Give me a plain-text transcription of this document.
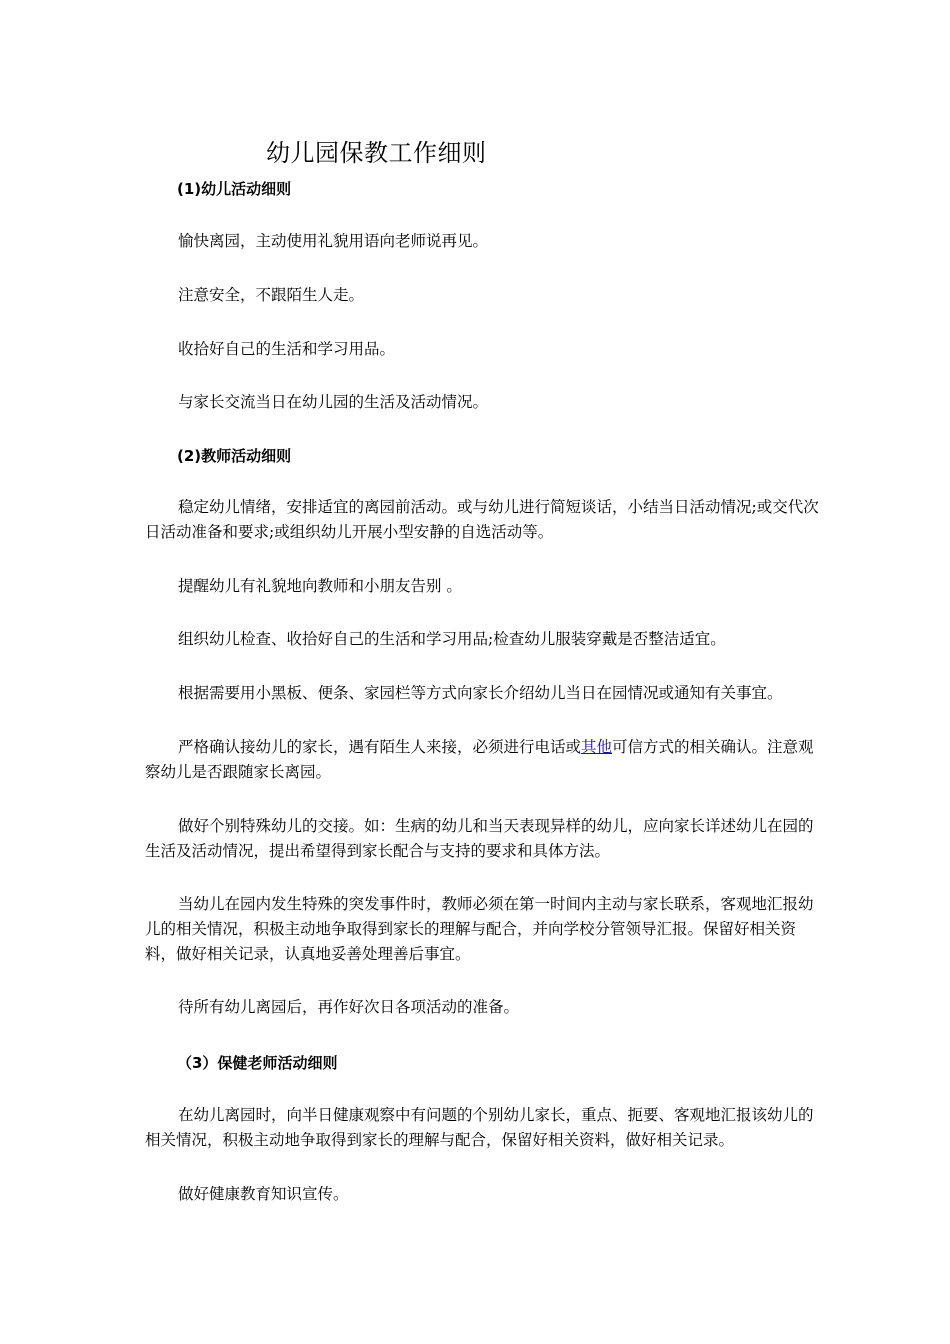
幼儿园保教工作细则
(1)幼儿活动细则

愉快离园，主动使用礼貌用语向老师说再见。

注意安全，不跟陌生人走。

收拾好自己的生活和学习用品。

与家长交流当日在幼儿园的生活及活动情况。

(2)教师活动细则

稳定幼儿情绪，安排适宜的离园前活动。或与幼儿进行简短谈话，小结当日活动情况;或交代次日活动准备和要求;或组织幼儿开展小型安静的自选活动等。

提醒幼儿有礼貌地向教师和小朋友告别 。

组织幼儿检查、收拾好自己的生活和学习用品;检查幼儿服装穿戴是否整洁适宜。

根据需要用小黑板、便条、家园栏等方式向家长介绍幼儿当日在园情况或通知有关事宜。

严格确认接幼儿的家长，遇有陌生人来接，必须进行电话或其他可信方式的相关确认。注意观察幼儿是否跟随家长离园。

做好个别特殊幼儿的交接。如：生病的幼儿和当天表现异样的幼儿，应向家长详述幼儿在园的生活及活动情况，提出希望得到家长配合与支持的要求和具体方法。

当幼儿在园内发生特殊的突发事件时，教师必须在第一时间内主动与家长联系，客观地汇报幼儿的相关情况，积极主动地争取得到家长的理解与配合，并向学校分管领导汇报。保留好相关资料，做好相关记录，认真地妥善处理善后事宜。

待所有幼儿离园后，再作好次日各项活动的准备。

（3）保健老师活动细则

在幼儿离园时，向半日健康观察中有问题的个别幼儿家长，重点、扼要、客观地汇报该幼儿的相关情况，积极主动地争取得到家长的理解与配合，保留好相关资料，做好相关记录。

做好健康教育知识宣传。
